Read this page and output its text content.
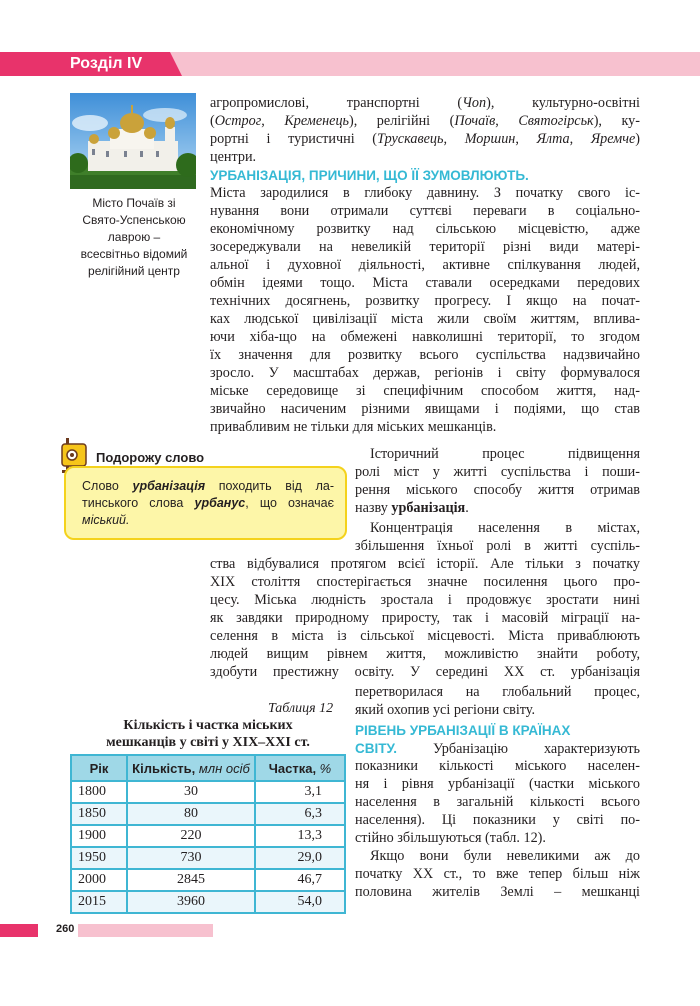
Розділ IV
Місто Почаїв зі
Свято-Успенською
лаврою –
всесвітньо відомий
релігійний центр
агропромислові, транспортні (Чоп), культурно-освітні
(Острог, Кременець), релігійні (Почаїв, Святогірськ), ку-
рортні і туристичні (Трускавець, Моршин, Ялта, Яремче)
центри.
УРБАНІЗАЦІЯ, ПРИЧИНИ, ЩО ЇЇ ЗУМОВЛЮЮТЬ.
Міста зародилися в глибоку давнину. З початку свого іс-
нування вони отримали суттєві переваги в соціально-
економічному розвитку над сільською місцевістю, адже
зосереджували на невеликій території різні види матері-
альної і духовної діяльності, активне спілкування людей,
обмін ідеями тощо. Міста ставали осередками передових
технічних досягнень, розвитку прогресу. І якщо на почат-
ках людської цивілізації міста жили своїм життям, вплива-
ючи хіба-що на обмежені навколишні території, то згодом
їх значення для розвитку всього суспільства надзвичайно
зросло. У масштабах держав, регіонів і світу формувалося
міське середовище зі специфічним способом життя, над-
звичайно насиченим різними явищами і подіями, що став
привабливим не тільки для міських мешканців.
Подорожу слово
Слово урбанізація походить від ла-
тинського слова урбанус, що означає
міський.
Історичний процес підвищення
ролі міст у житті суспільства і поши-
рення міського способу життя отримав
назву урбанізація.
Концентрація населення в містах,
збільшення їхньої ролі в житті суспіль-
ства відбувалися протягом всієї історії. Але тільки з початку
XIX століття спостерігається значне посилення цього про-
цесу. Міська людність зростала і продовжує зростати нині
як завдяки природному приросту, так і масовій міграції на-
селення в міста із сільської місцевості. Міста приваблюють
людей вищим рівнем життя, можливістю знайти роботу,
здобути престижну освіту. У середині XX ст. урбанізація
перетворилася на глобальний процес,
який охопив усі регіони світу.
РІВЕНЬ УРБАНІЗАЦІЇ В КРАЇНАХ
СВІТУ. Урбанізацію характеризують
показники кількості міського населен-
ня і рівня урбанізації (частки міського
населення в загальній кількості всього
населення). Ці показники у світі по-
стійно збільшуються (табл. 12).
Якщо вони були невеликими аж до
початку XX ст., то вже тепер більш ніж
половина жителів Землі – мешканці
Таблиця 12
Кількість і частка міських
мешканців у світі у XIX–XXI ст.
Рік	Кількість, млн осіб	Частка, %
1800	30	3,1
1850	80	6,3
1900	220	13,3
1950	730	29,0
2000	2845	46,7
2015	3960	54,0
260
